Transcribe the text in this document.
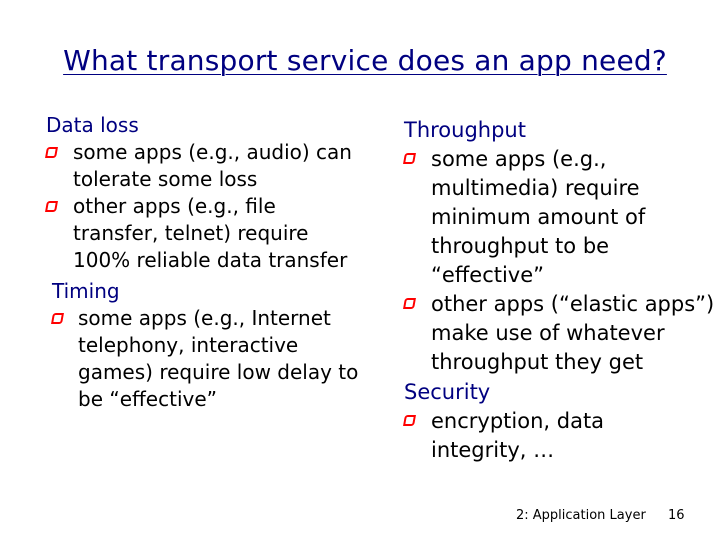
What transport service does an app need?
Data loss
some apps (e.g., audio) can tolerate some loss
other apps (e.g., file transfer, telnet) require 100% reliable data transfer
Timing
some apps (e.g., Internet telephony, interactive games) require low delay to be “effective”
Throughput
some apps (e.g., multimedia) require minimum amount of throughput to be “effective”
other apps (“elastic apps”) make use of whatever throughput they get
Security
encryption, data integrity, …
2: Application Layer 16
